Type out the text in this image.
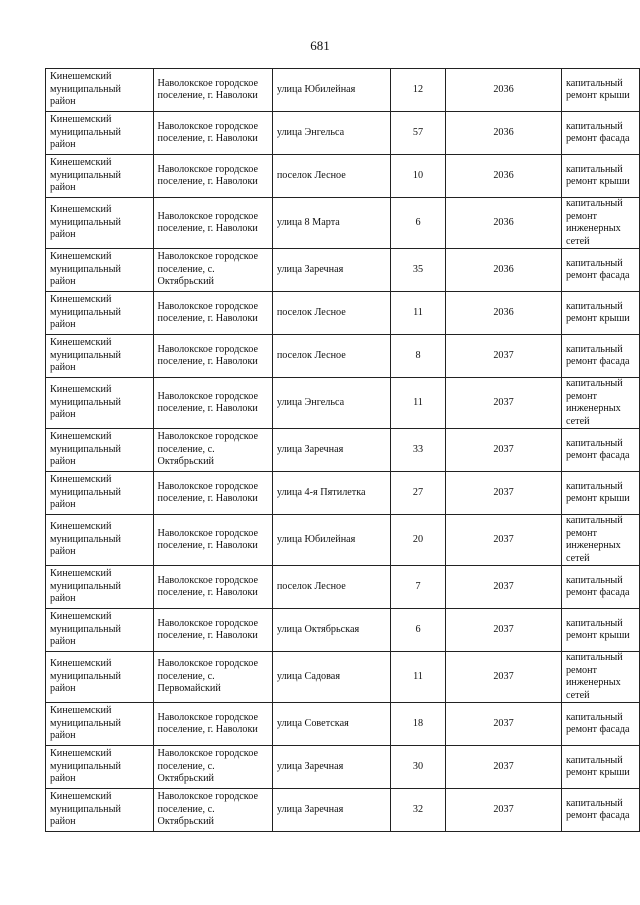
681
Кинешемский муниципальный район	Наволокское городское поселение, г. Наволоки	улица Юбилейная	12	2036	капитальный ремонт крыши
Кинешемский муниципальный район	Наволокское городское поселение, г. Наволоки	улица Энгельса	57	2036	капитальный ремонт фасада
Кинешемский муниципальный район	Наволокское городское поселение, г. Наволоки	поселок Лесное	10	2036	капитальный ремонт крыши
Кинешемский муниципальный район	Наволокское городское поселение, г. Наволоки	улица 8 Марта	6	2036	капитальный ремонт инженерных сетей
Кинешемский муниципальный район	Наволокское городское поселение, с. Октябрьский	улица Заречная	35	2036	капитальный ремонт фасада
Кинешемский муниципальный район	Наволокское городское поселение, г. Наволоки	поселок Лесное	11	2036	капитальный ремонт крыши
Кинешемский муниципальный район	Наволокское городское поселение, г. Наволоки	поселок Лесное	8	2037	капитальный ремонт фасада
Кинешемский муниципальный район	Наволокское городское поселение, г. Наволоки	улица Энгельса	11	2037	капитальный ремонт инженерных сетей
Кинешемский муниципальный район	Наволокское городское поселение, с. Октябрьский	улица Заречная	33	2037	капитальный ремонт фасада
Кинешемский муниципальный район	Наволокское городское поселение, г. Наволоки	улица 4-я Пятилетка	27	2037	капитальный ремонт крыши
Кинешемский муниципальный район	Наволокское городское поселение, г. Наволоки	улица Юбилейная	20	2037	капитальный ремонт инженерных сетей
Кинешемский муниципальный район	Наволокское городское поселение, г. Наволоки	поселок Лесное	7	2037	капитальный ремонт фасада
Кинешемский муниципальный район	Наволокское городское поселение, г. Наволоки	улица Октябрьская	6	2037	капитальный ремонт крыши
Кинешемский муниципальный район	Наволокское городское поселение, с. Первомайский	улица Садовая	11	2037	капитальный ремонт инженерных сетей
Кинешемский муниципальный район	Наволокское городское поселение, г. Наволоки	улица Советская	18	2037	капитальный ремонт фасада
Кинешемский муниципальный район	Наволокское городское поселение, с. Октябрьский	улица Заречная	30	2037	капитальный ремонт крыши
Кинешемский муниципальный район	Наволокское городское поселение, с. Октябрьский	улица Заречная	32	2037	капитальный ремонт фасада
